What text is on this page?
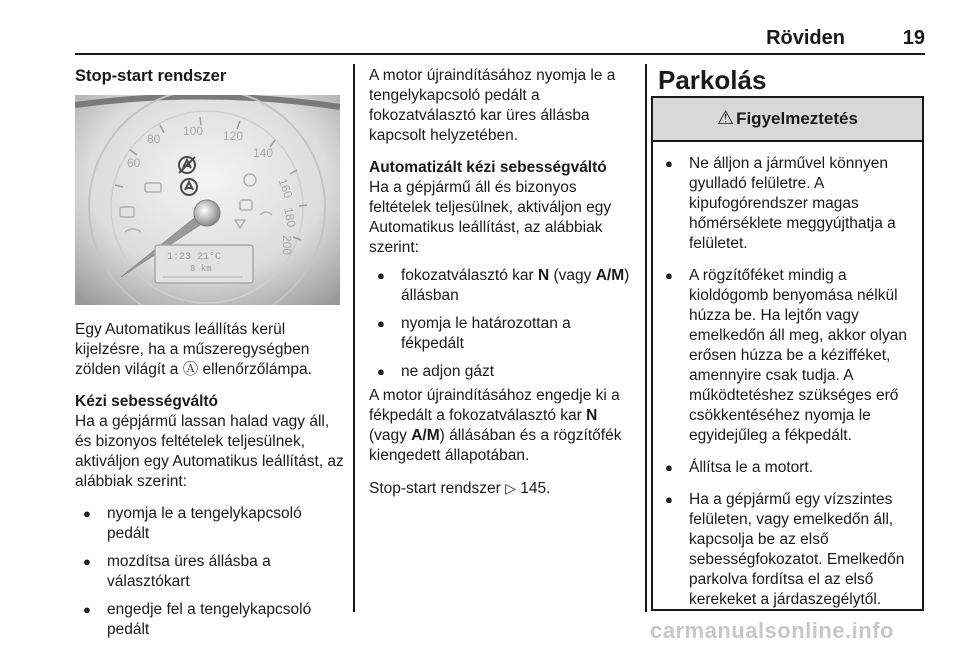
Röviden	19
Stop-start rendszer
60
80
100 120
140
160
180
200
1:23 21°C
8 km

Egy Automatikus leállítás kerül kijelzésre, ha a műszeregységben zölden világít a Ⓐ ellenőrzőlámpa.

Kézi sebességváltó

Ha a gépjármű lassan halad vagy áll, és bizonyos feltételek teljesülnek, aktiváljon egy Automatikus leállítást, az alábbiak szerint:

● nyomja le a tengelykapcsoló pedált
● mozdítsa üres állásba a választókart
● engedje fel a tengelykapcsoló pedált

A motor újraindításához nyomja le a tengelykapcsoló pedált a fokozatválasztó kar üres állásba kapcsolt helyzetében.

Automatizált kézi sebességváltó

Ha a gépjármű áll és bizonyos feltételek teljesülnek, aktiváljon egy Automatikus leállítást, az alábbiak szerint:

● fokozatválasztó kar N (vagy A/M) állásban
● nyomja le határozottan a fékpedált
● ne adjon gázt

A motor újraindításához engedje ki a fékpedált a fokozatválasztó kar N (vagy A/M) állásában és a rögzítőfék kiengedett állapotában.

Stop-start rendszer ▷ 145.

Parkolás
⚠ Figyelmeztetés
● Ne álljon a járművel könnyen gyulladó felületre. A kipufogórendszer magas hőmérséklete meggyújthatja a felületet.
● A rögzítőféket mindig a kioldógomb benyomása nélkül húzza be. Ha lejtőn vagy emelkedőn áll meg, akkor olyan erősen húzza be a kézifféket, amennyire csak tudja. A működtetéshez szükséges erő csökkentéséhez nyomja le egyidejűleg a fékpedált.
● Állítsa le a motort.
● Ha a gépjármű egy vízszintes felületen, vagy emelkedőn áll, kapcsolja be az első sebességfokozatot. Emelkedőn parkolva fordítsa el az első kerekeket a járdaszegélytől.
carmanualsonline.info
